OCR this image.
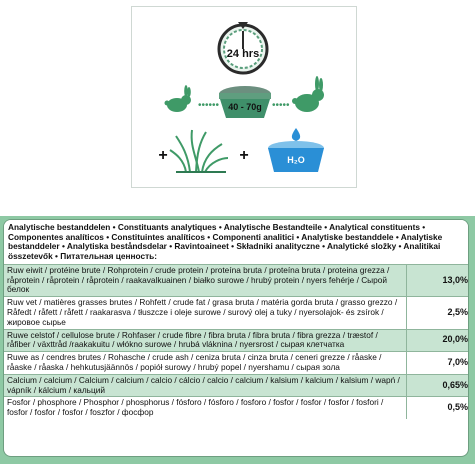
24 hrs
•••••• 40 - 70g •••••
+	+	H₂O

Analytische bestanddelen • Constituants analytiques • Analytische Bestandteile • Analytical constituents • Componentes analíticos • Constituintes analíticos • Componenti analitici • Analytiske bestanddele • Analytiske bestanddeler • Analytiska beståndsdelar • Ravintoaineet • Składniki analityczne • Analytické složky • Analitikai összetevők • Питательная ценность:

Ruw eiwit / protéine brute / Rohprotein / crude protein / proteína bruta / proteína bruta / proteina grezza / råprotein / råprotein / råprotein / raakavalkuainen / białko surowe / hrubý protein / nyers fehérje / Сырой белок	13,0%
Ruw vet / matières grasses brutes / Rohfett / crude fat / grasa bruta / matéria gorda bruta / grasso grezzo / Råfedt / råfett / råfett / raakarasva / tłuszcze i oleje surowe / surový olej a tuky / nyersolajok- és zsírok / жировое сырье	2,5%
Ruwe celstof / cellulose brute / Rohfaser / crude fibre / fibra bruta / fibra bruta / fibra grezza / træstof / råfiber / växttråd /raakakuitu / włókno surowe / hrubá vláknina / nyersrost / сырая клетчатка	20,0%
Ruwe as / cendres brutes / Rohasche / crude ash / ceniza bruta / cinza bruta / ceneri grezze / råaske / råaske / råaska / hehkutusjäännös / popiół surowy / hrubý popel / nyershamu / сырая зола	7,0%
Calcium / calcium / Calcium / calcium / calcio / cálcio / calcio / calcium / kalsium / kalcium / kalsium / wapń / vápník / kálcium / кальций	0,65%
Fosfor / phosphore / Phosphor / phosphorus / fósforo / fósforo / fosforo / fosfor / fosfor / fosfor / fosfori / fosfor / fosfor / fosfor / foszfor / фосфор	0,5%
